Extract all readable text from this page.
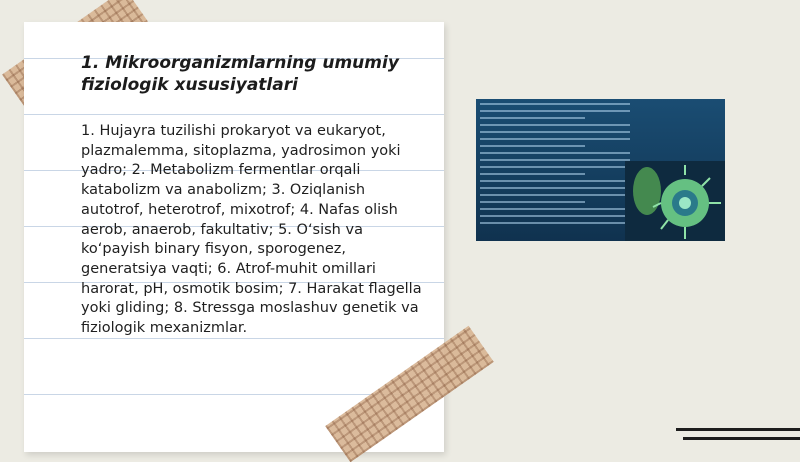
1. Mikroorganizmlarning umumiy fiziologik xususiyatlari
1. Hujayra tuzilishi prokaryot va eukaryot, plazmalemma, sitoplazma, yadrosimon yoki yadro; 2. Metabolizm fermentlar orqali katabolizm va anabolizm; 3. Oziqlanish autotrof, heterotrof, mixotrof; 4. Nafas olish aerob, anaerob, fakultativ; 5. O‘sish va ko‘payish binary fisyon, sporogenez, generatsiya vaqti; 6. Atrof-muhit omillari harorat, pH, osmotik bosim; 7. Harakat flagella yoki gliding; 8. Stressga moslashuv genetik va fiziologik mexanizmlar.
